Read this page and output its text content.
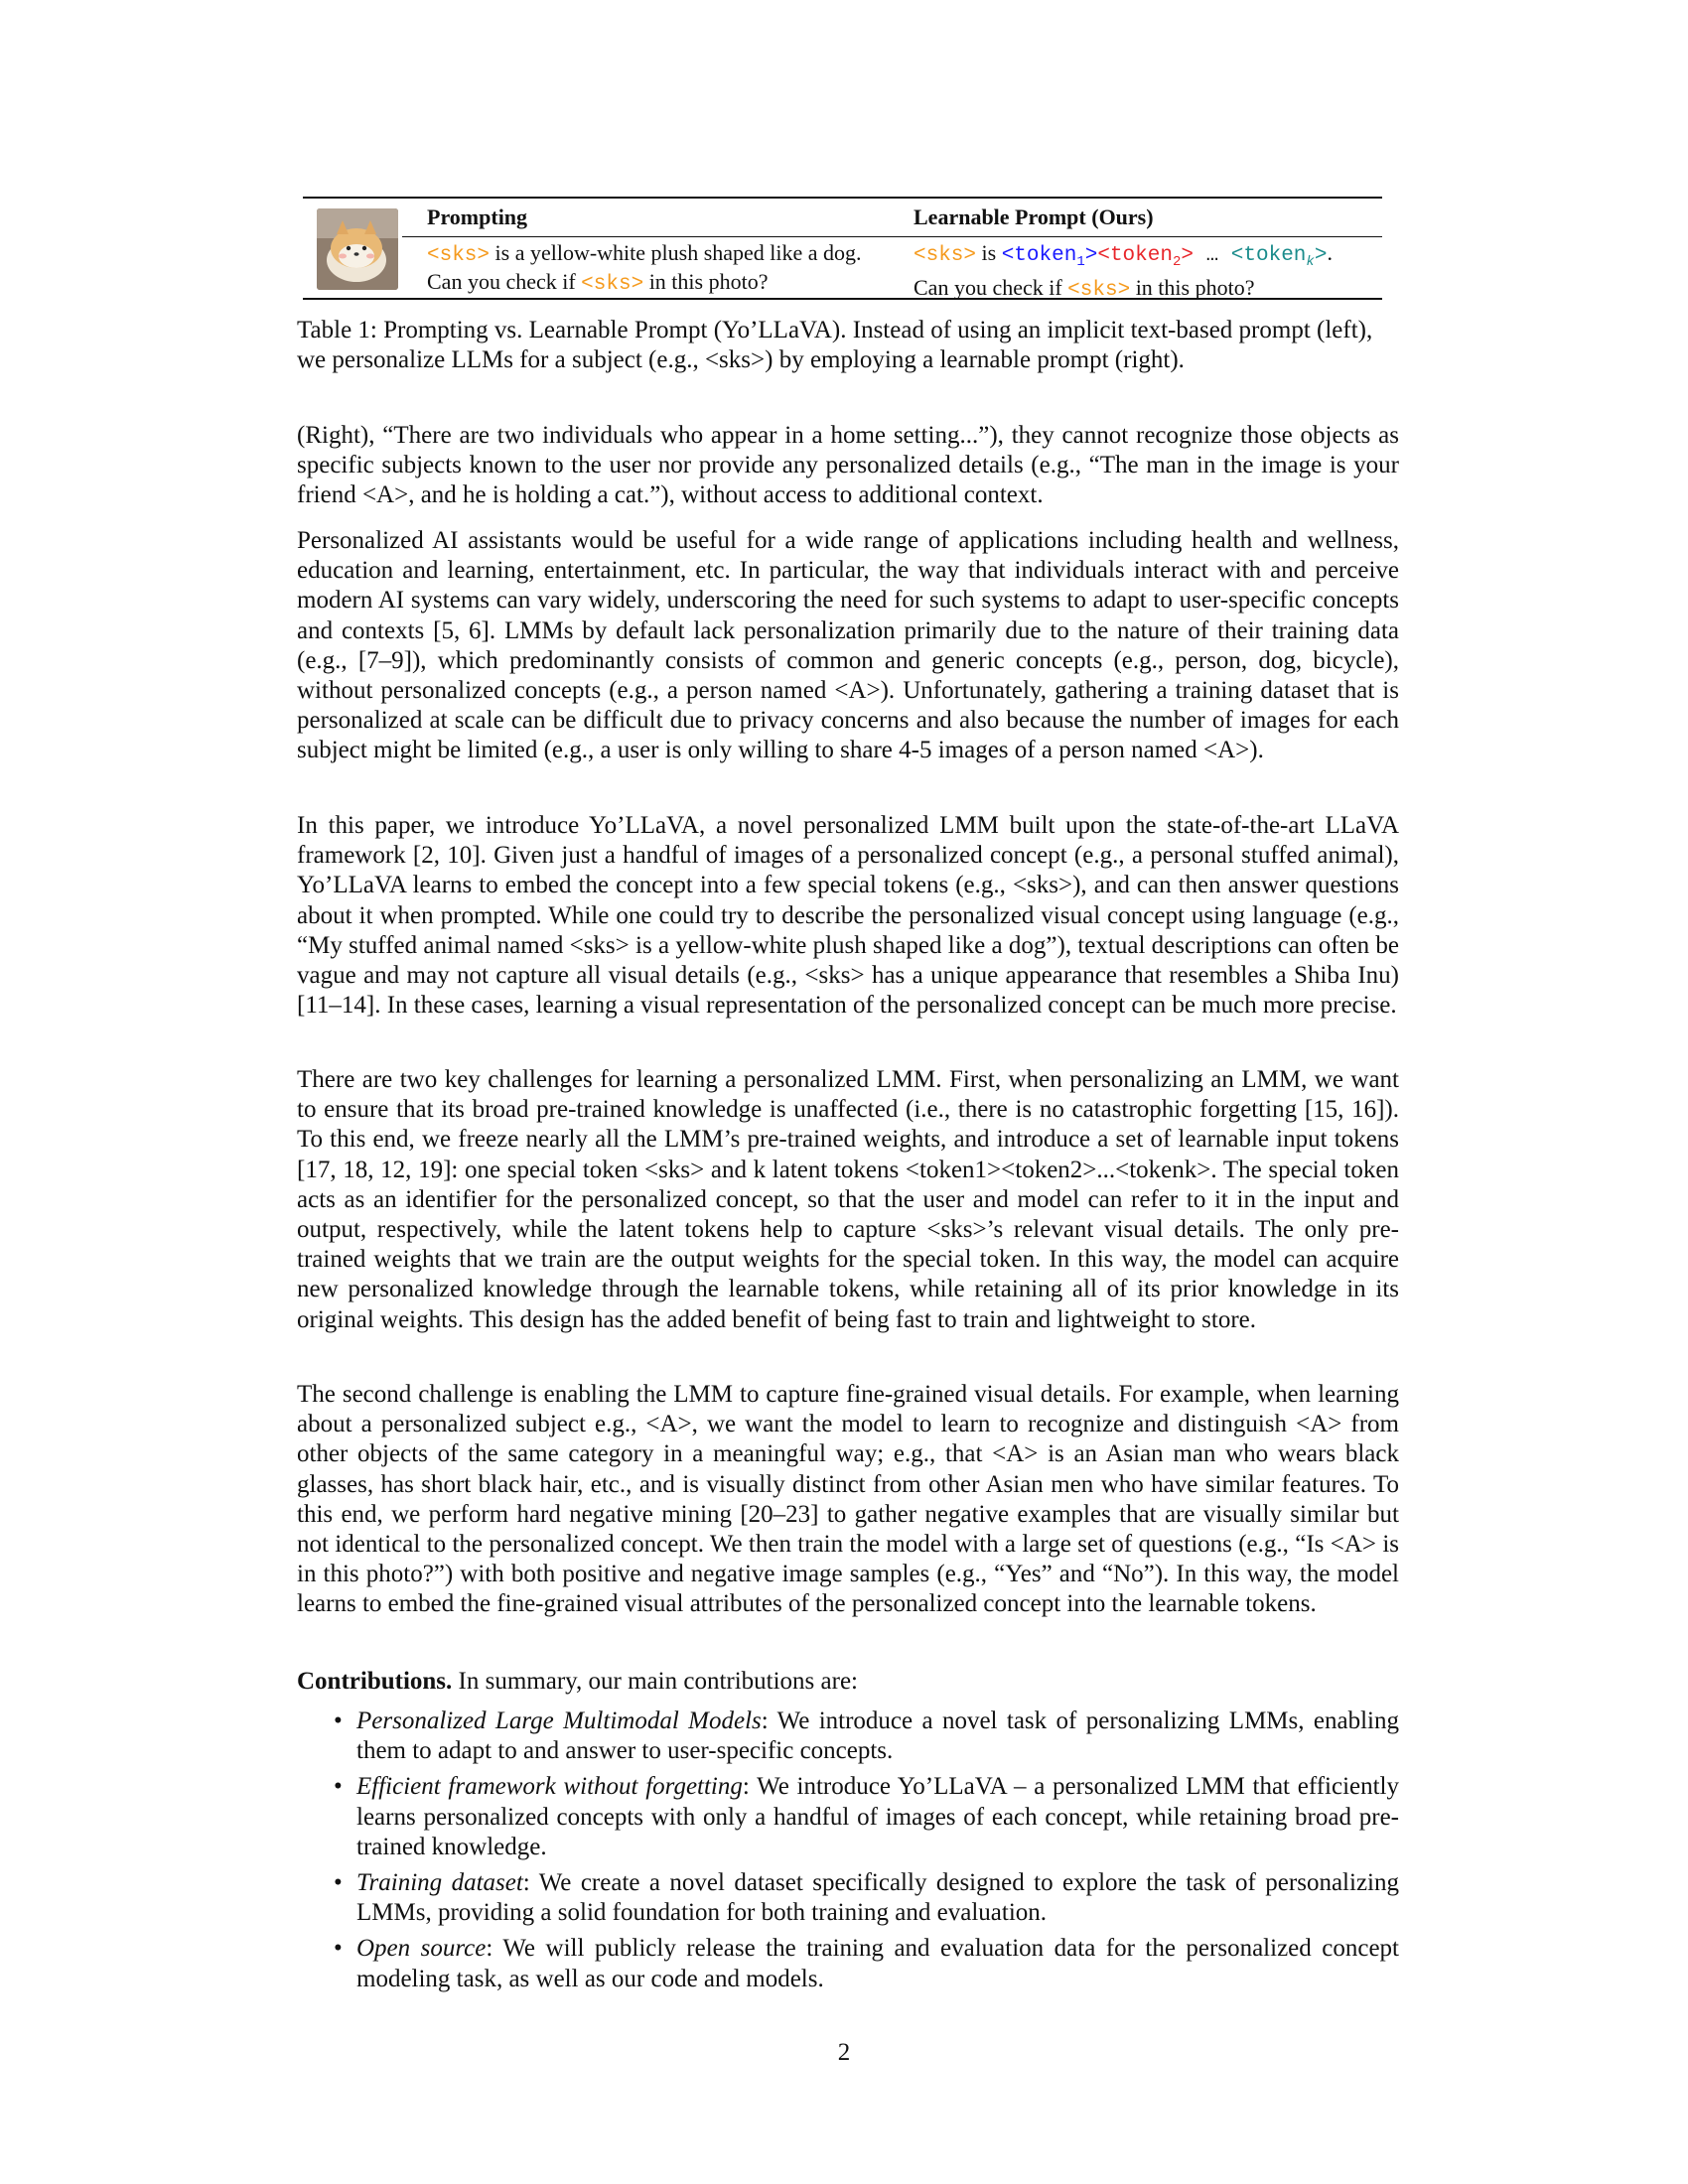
Prompting	Learnable Prompt (Ours)
<sks> is a yellow-white plush shaped like a dog.
Can you check if <sks> in this photo?
<sks> is <token$_1$><token$_2$> … <token$_k$>.
Can you check if <sks> in this photo?
Table 1: Prompting vs. Learnable Prompt (Yo’LLaVA). Instead of using an implicit text-based prompt (left), we personalize LLMs for a subject (e.g., <sks>) by employing a learnable prompt (right).

(Right), “There are two individuals who appear in a home setting...”), they cannot recognize those objects as specific subjects known to the user nor provide any personalized details (e.g., “The man in the image is your friend <A>, and he is holding a cat.”), without access to additional context.

Personalized AI assistants would be useful for a wide range of applications including health and wellness, education and learning, entertainment, etc. In particular, the way that individuals interact with and perceive modern AI systems can vary widely, underscoring the need for such systems to adapt to user-specific concepts and contexts [5, 6]. LMMs by default lack personalization primarily due to the nature of their training data (e.g., [7–9]), which predominantly consists of common and generic concepts (e.g., person, dog, bicycle), without personalized concepts (e.g., a person named <A>). Unfortunately, gathering a training dataset that is personalized at scale can be difficult due to privacy concerns and also because the number of images for each subject might be limited (e.g., a user is only willing to share 4-5 images of a person named <A>).

In this paper, we introduce Yo’LLaVA, a novel personalized LMM built upon the state-of-the-art LLaVA framework [2, 10]. Given just a handful of images of a personalized concept (e.g., a personal stuffed animal), Yo’LLaVA learns to embed the concept into a few special tokens (e.g., <sks>), and can then answer questions about it when prompted. While one could try to describe the personalized visual concept using language (e.g., “My stuffed animal named <sks> is a yellow-white plush shaped like a dog”), textual descriptions can often be vague and may not capture all visual details (e.g., <sks> has a unique appearance that resembles a Shiba Inu) [11–14]. In these cases, learning a visual representation of the personalized concept can be much more precise.

There are two key challenges for learning a personalized LMM. First, when personalizing an LMM, we want to ensure that its broad pre-trained knowledge is unaffected (i.e., there is no catastrophic forgetting [15, 16]). To this end, we freeze nearly all the LMM’s pre-trained weights, and introduce a set of learnable input tokens [17, 18, 12, 19]: one special token <sks> and k latent tokens <token1><token2>...<tokenk>. The special token acts as an identifier for the personalized concept, so that the user and model can refer to it in the input and output, respectively, while the latent tokens help to capture <sks>’s relevant visual details. The only pre-trained weights that we train are the output weights for the special token. In this way, the model can acquire new personalized knowledge through the learnable tokens, while retaining all of its prior knowledge in its original weights. This design has the added benefit of being fast to train and lightweight to store.

The second challenge is enabling the LMM to capture fine-grained visual details. For example, when learning about a personalized subject e.g., <A>, we want the model to learn to recognize and distinguish <A> from other objects of the same category in a meaningful way; e.g., that <A> is an Asian man who wears black glasses, has short black hair, etc., and is visually distinct from other Asian men who have similar features. To this end, we perform hard negative mining [20–23] to gather negative examples that are visually similar but not identical to the personalized concept. We then train the model with a large set of questions (e.g., “Is <A> is in this photo?”) with both positive and negative image samples (e.g., “Yes” and “No”). In this way, the model learns to embed the fine-grained visual attributes of the personalized concept into the learnable tokens.

Contributions. In summary, our main contributions are:

• Personalized Large Multimodal Models: We introduce a novel task of personalizing LMMs, enabling them to adapt to and answer to user-specific concepts.
• Efficient framework without forgetting: We introduce Yo’LLaVA – a personalized LMM that efficiently learns personalized concepts with only a handful of images of each concept, while retaining broad pre-trained knowledge.
• Training dataset: We create a novel dataset specifically designed to explore the task of personalizing LMMs, providing a solid foundation for both training and evaluation.
• Open source: We will publicly release the training and evaluation data for the personalized concept modeling task, as well as our code and models.
2
